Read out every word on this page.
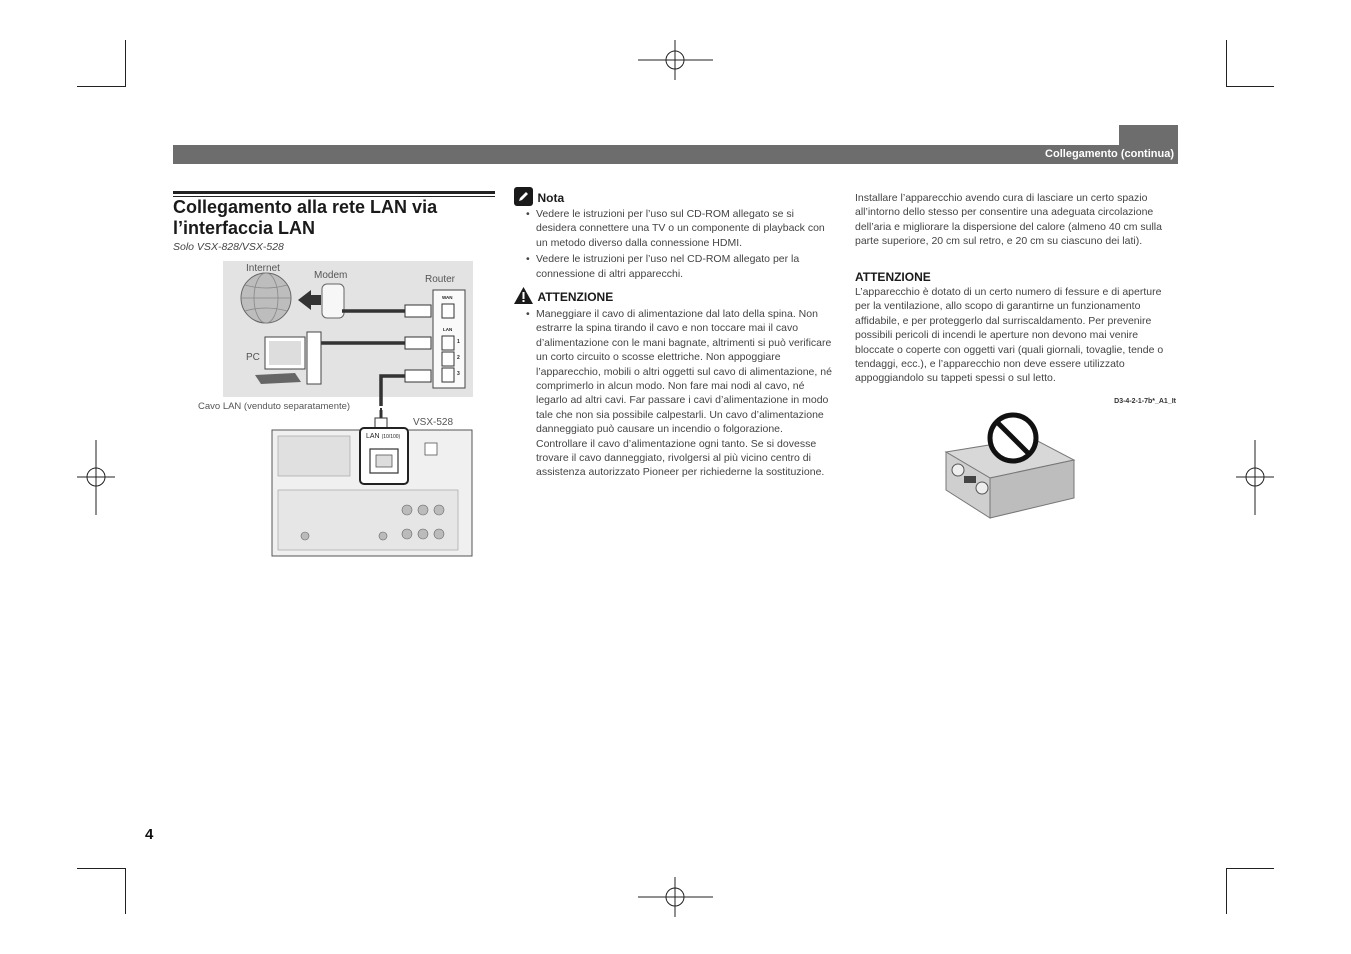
Collegamento (continua)
Collegamento alla rete LAN via l’interfaccia LAN
Solo VSX-828/VSX-528
Internet
Modem	Router
PC
Cavo LAN (venduto separatamente)
VSX-528
LAN (10/100)
WAN
LAN
1
2
3
Nota
• Vedere le istruzioni per l’uso sul CD-ROM allegato se si desidera connettere una TV o un componente di playback con un metodo diverso dalla connessione HDMI.
• Vedere le istruzioni per l’uso nel CD-ROM allegato per la connessione di altri apparecchi.
ATTENZIONE
• Maneggiare il cavo di alimentazione dal lato della spina. Non estrarre la spina tirando il cavo e non toccare mai il cavo d’alimentazione con le mani bagnate, altrimenti si può verificare un corto circuito o scosse elettriche. Non appoggiare l’apparecchio, mobili o altri oggetti sul cavo di alimentazione, né comprimerlo in alcun modo. Non fare mai nodi al cavo, né legarlo ad altri cavi. Far passare i cavi d’alimentazione in modo tale che non sia possibile calpestarli. Un cavo d’alimentazione danneggiato può causare un incendio o folgorazione. Controllare il cavo d’alimentazione ogni tanto. Se si dovesse trovare il cavo danneggiato, rivolgersi al più vicino centro di assistenza autorizzato Pioneer per richiederne la sostituzione.
Installare l’apparecchio avendo cura di lasciare un certo spazio all’intorno dello stesso per consentire una adeguata circolazione dell’aria e migliorare la dispersione del calore (almeno 40 cm sulla parte superiore, 20 cm sul retro, e 20 cm su ciascuno dei lati).
ATTENZIONE
L’apparecchio è dotato di un certo numero di fessure e di aperture per la ventilazione, allo scopo di garantirne un funzionamento affidabile, e per proteggerlo dal surriscaldamento. Per prevenire possibili pericoli di incendi le aperture non devono mai venire bloccate o coperte con oggetti vari (quali giornali, tovaglie, tende o tendaggi, ecc.), e l’apparecchio non deve essere utilizzato appoggiandolo su tappeti spessi o sul letto.
D3-4-2-1-7b*_A1_It
4
